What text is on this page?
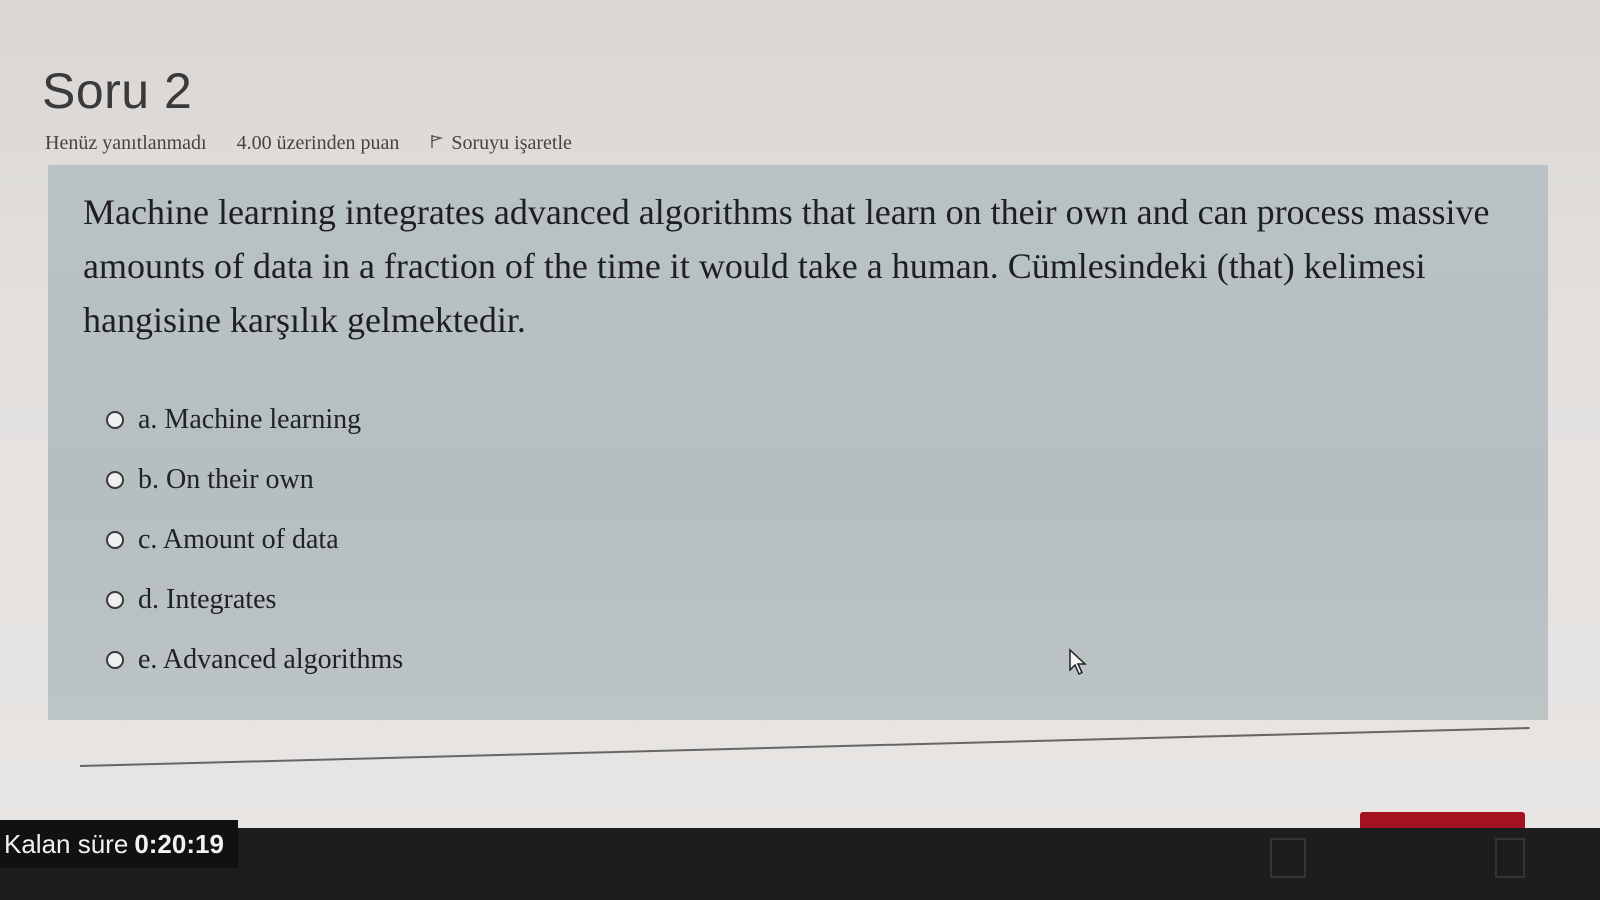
Soru 2
Henüz yanıtlanmadı 4.00 üzerinden puan	Soruyu işaretle
Machine learning integrates advanced algorithms that learn on their own and can process massive amounts of data in a fraction of the time it would take a human. Cümlesindeki (that) kelimesi hangisine karşılık gelmektedir.
a. Machine learning
b. On their own
c. Amount of data
d. Integrates
e. Advanced algorithms
Kalan süre 0:20:19
